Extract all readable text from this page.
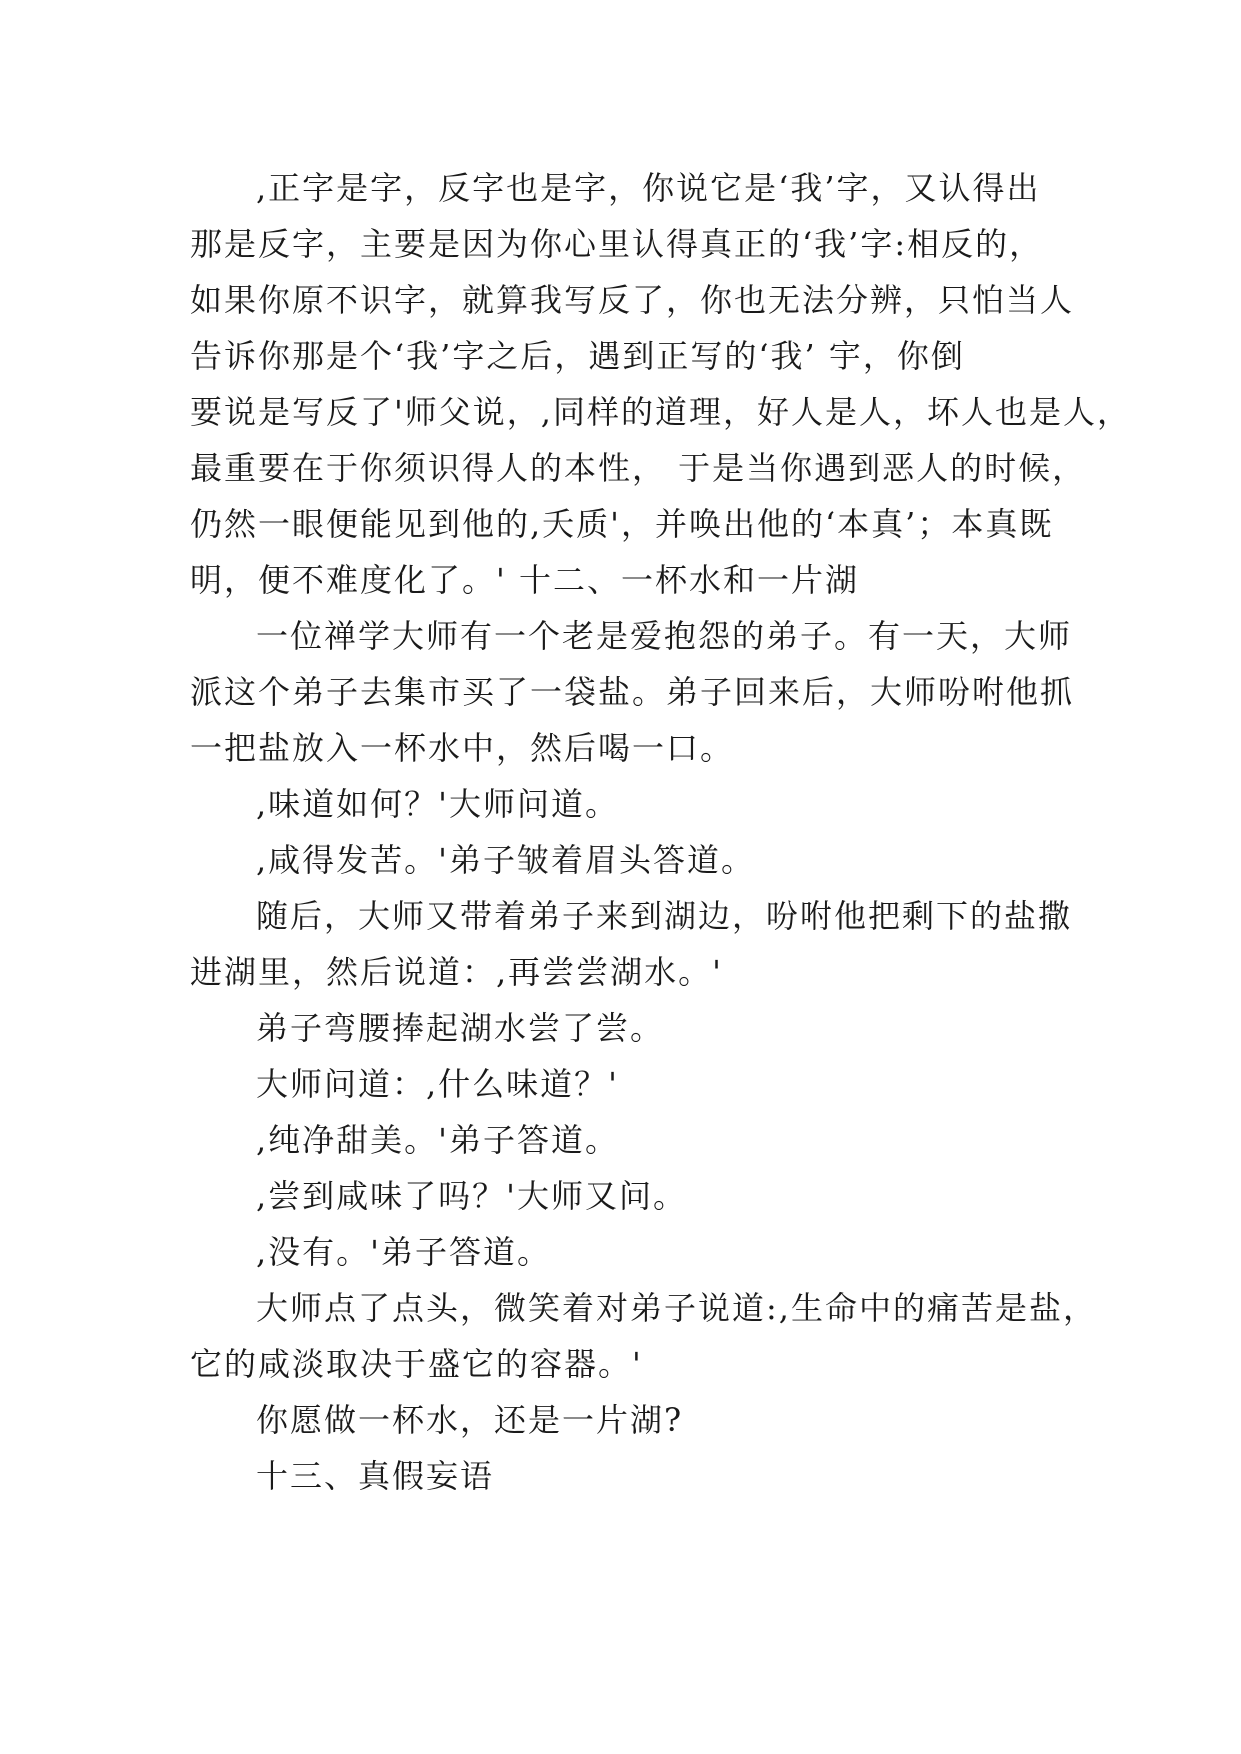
,正字是字，反字也是字，你说它是‘我’字，又认得出
那是反字，主要是因为你心里认得真正的‘我’字:相反的，
如果你原不识字，就算我写反了，你也无法分辨，只怕当人
告诉你那是个‘我’字之后，遇到正写的‘我’ 宇，你倒
要说是写反了'师父说，,同样的道理，好人是人，坏人也是人，
最重要在于你须识得人的本性， 于是当你遇到恶人的时候，
仍然一眼便能见到他的,夭质'，并唤出他的‘本真’；本真既
明，便不难度化了。' 十二、一杯水和一片湖
一位禅学大师有一个老是爱抱怨的弟子。有一天，大师
派这个弟子去集市买了一袋盐。弟子回来后，大师吩咐他抓
一把盐放入一杯水中，然后喝一口。
,味道如何？'大师问道。
,咸得发苦。'弟子皱着眉头答道。
随后，大师又带着弟子来到湖边，吩咐他把剩下的盐撒
进湖里，然后说道：,再尝尝湖水。'
弟子弯腰捧起湖水尝了尝。
大师问道：,什么味道？'
,纯净甜美。'弟子答道。
,尝到咸味了吗？'大师又问。
,没有。'弟子答道。
大师点了点头，微笑着对弟子说道:,生命中的痛苦是盐，
它的咸淡取决于盛它的容器。'
你愿做一杯水，还是一片湖?
十三、真假妄语
